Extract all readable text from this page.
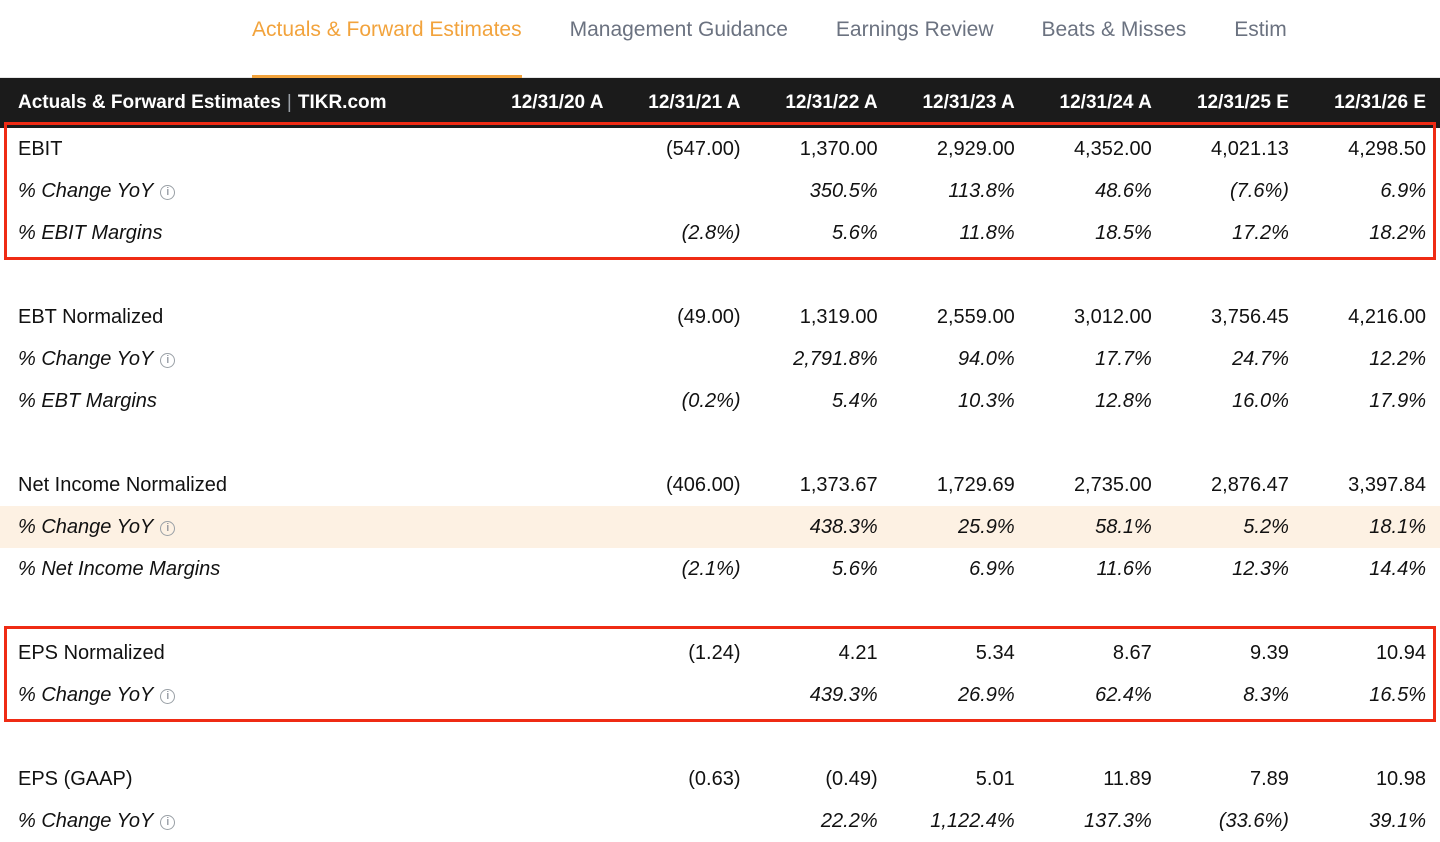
Actuals & Forward Estimates	Management Guidance	Earnings Review	Beats & Misses	Estim
Actuals & Forward Estimates | TIKR.com	12/31/20 A	12/31/21 A	12/31/22 A	12/31/23 A	12/31/24 A	12/31/25 E	12/31/26 E
EBIT		(547.00)	1,370.00	2,929.00	4,352.00	4,021.13	4,298.50
% Change YoY i			350.5%	113.8%	48.6%	(7.6%)	6.9%
% EBIT Margins		(2.8%)	5.6%	11.8%	18.5%	17.2%	18.2%

EBT Normalized		(49.00)	1,319.00	2,559.00	3,012.00	3,756.45	4,216.00
% Change YoY i			2,791.8%	94.0%	17.7%	24.7%	12.2%
% EBT Margins		(0.2%)	5.4%	10.3%	12.8%	16.0%	17.9%

Net Income Normalized		(406.00)	1,373.67	1,729.69	2,735.00	2,876.47	3,397.84
% Change YoY i			438.3%	25.9%	58.1%	5.2%	18.1%
% Net Income Margins		(2.1%)	5.6%	6.9%	11.6%	12.3%	14.4%

EPS Normalized		(1.24)	4.21	5.34	8.67	9.39	10.94
% Change YoY i			439.3%	26.9%	62.4%	8.3%	16.5%

EPS (GAAP)		(0.63)	(0.49)	5.01	11.89	7.89	10.98
% Change YoY i			22.2%	1,122.4%	137.3%	(33.6%)	39.1%
